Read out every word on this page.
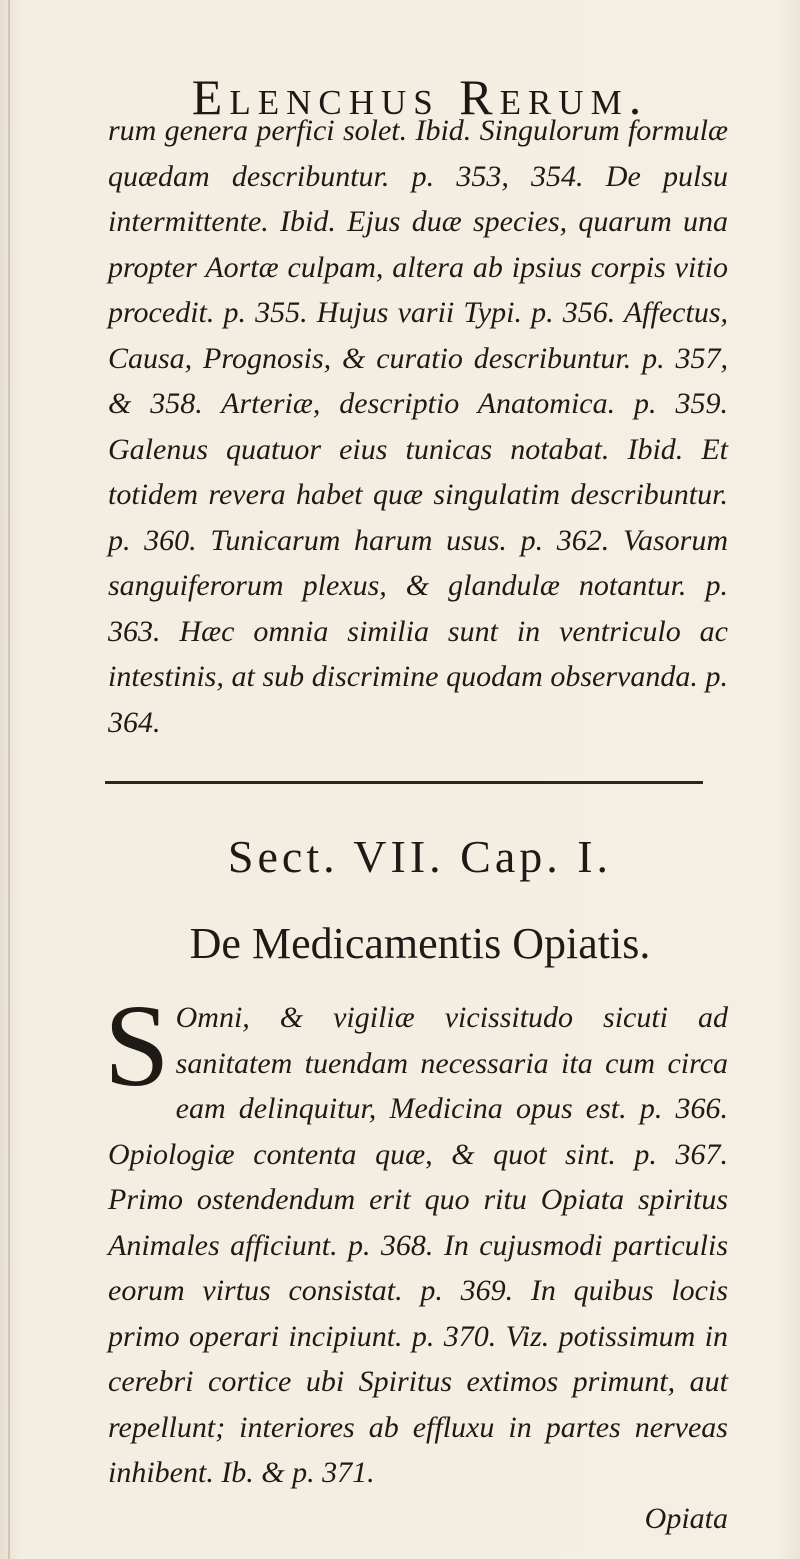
Elenchus Rerum.
rum genera perfici solet. Ibid. Singulorum formulæ quædam describuntur. p. 353, 354. De pulsu intermittente. Ibid. Ejus duæ species, quarum una propter Aortæ culpam, altera ab ipsius corpis vitio procedit. p. 355. Hujus varii Typi. p. 356. Affectus, Causa, Prognosis, & curatio describuntur. p. 357, & 358. Arteriæ, descriptio Anatomica. p. 359. Galenus quatuor eius tunicas notabat. Ibid. Et totidem revera habet quæ singulatim describuntur. p. 360. Tunicarum harum usus. p. 362. Vasorum sanguiferorum plexus, & glandulæ notantur. p. 363. Hæc omnia similia sunt in ventriculo ac intestinis, at sub discrimine quodam observanda. p. 364.
Sect. VII. Cap. I.
De Medicamentis Opiatis.
S Omni, & vigiliæ vicissitudo sicuti ad sanitatem tuendam necessaria ita cum circa eam delinquitur, Medicina opus est. p. 366. Opiologiæ contenta quæ, & quot sint. p. 367. Primo ostendendum erit quo ritu Opiata spiritus Animales afficiunt. p. 368. In cujusmodi particulis eorum virtus consistat. p. 369. In quibus locis primo operari incipiunt. p. 370. Viz. potissimum in cerebri cortice ubi Spiritus extimos primunt, aut repellunt; interiores ab effluxu in partes nerveas inhibent. Ib. & p. 371.
Opiata
